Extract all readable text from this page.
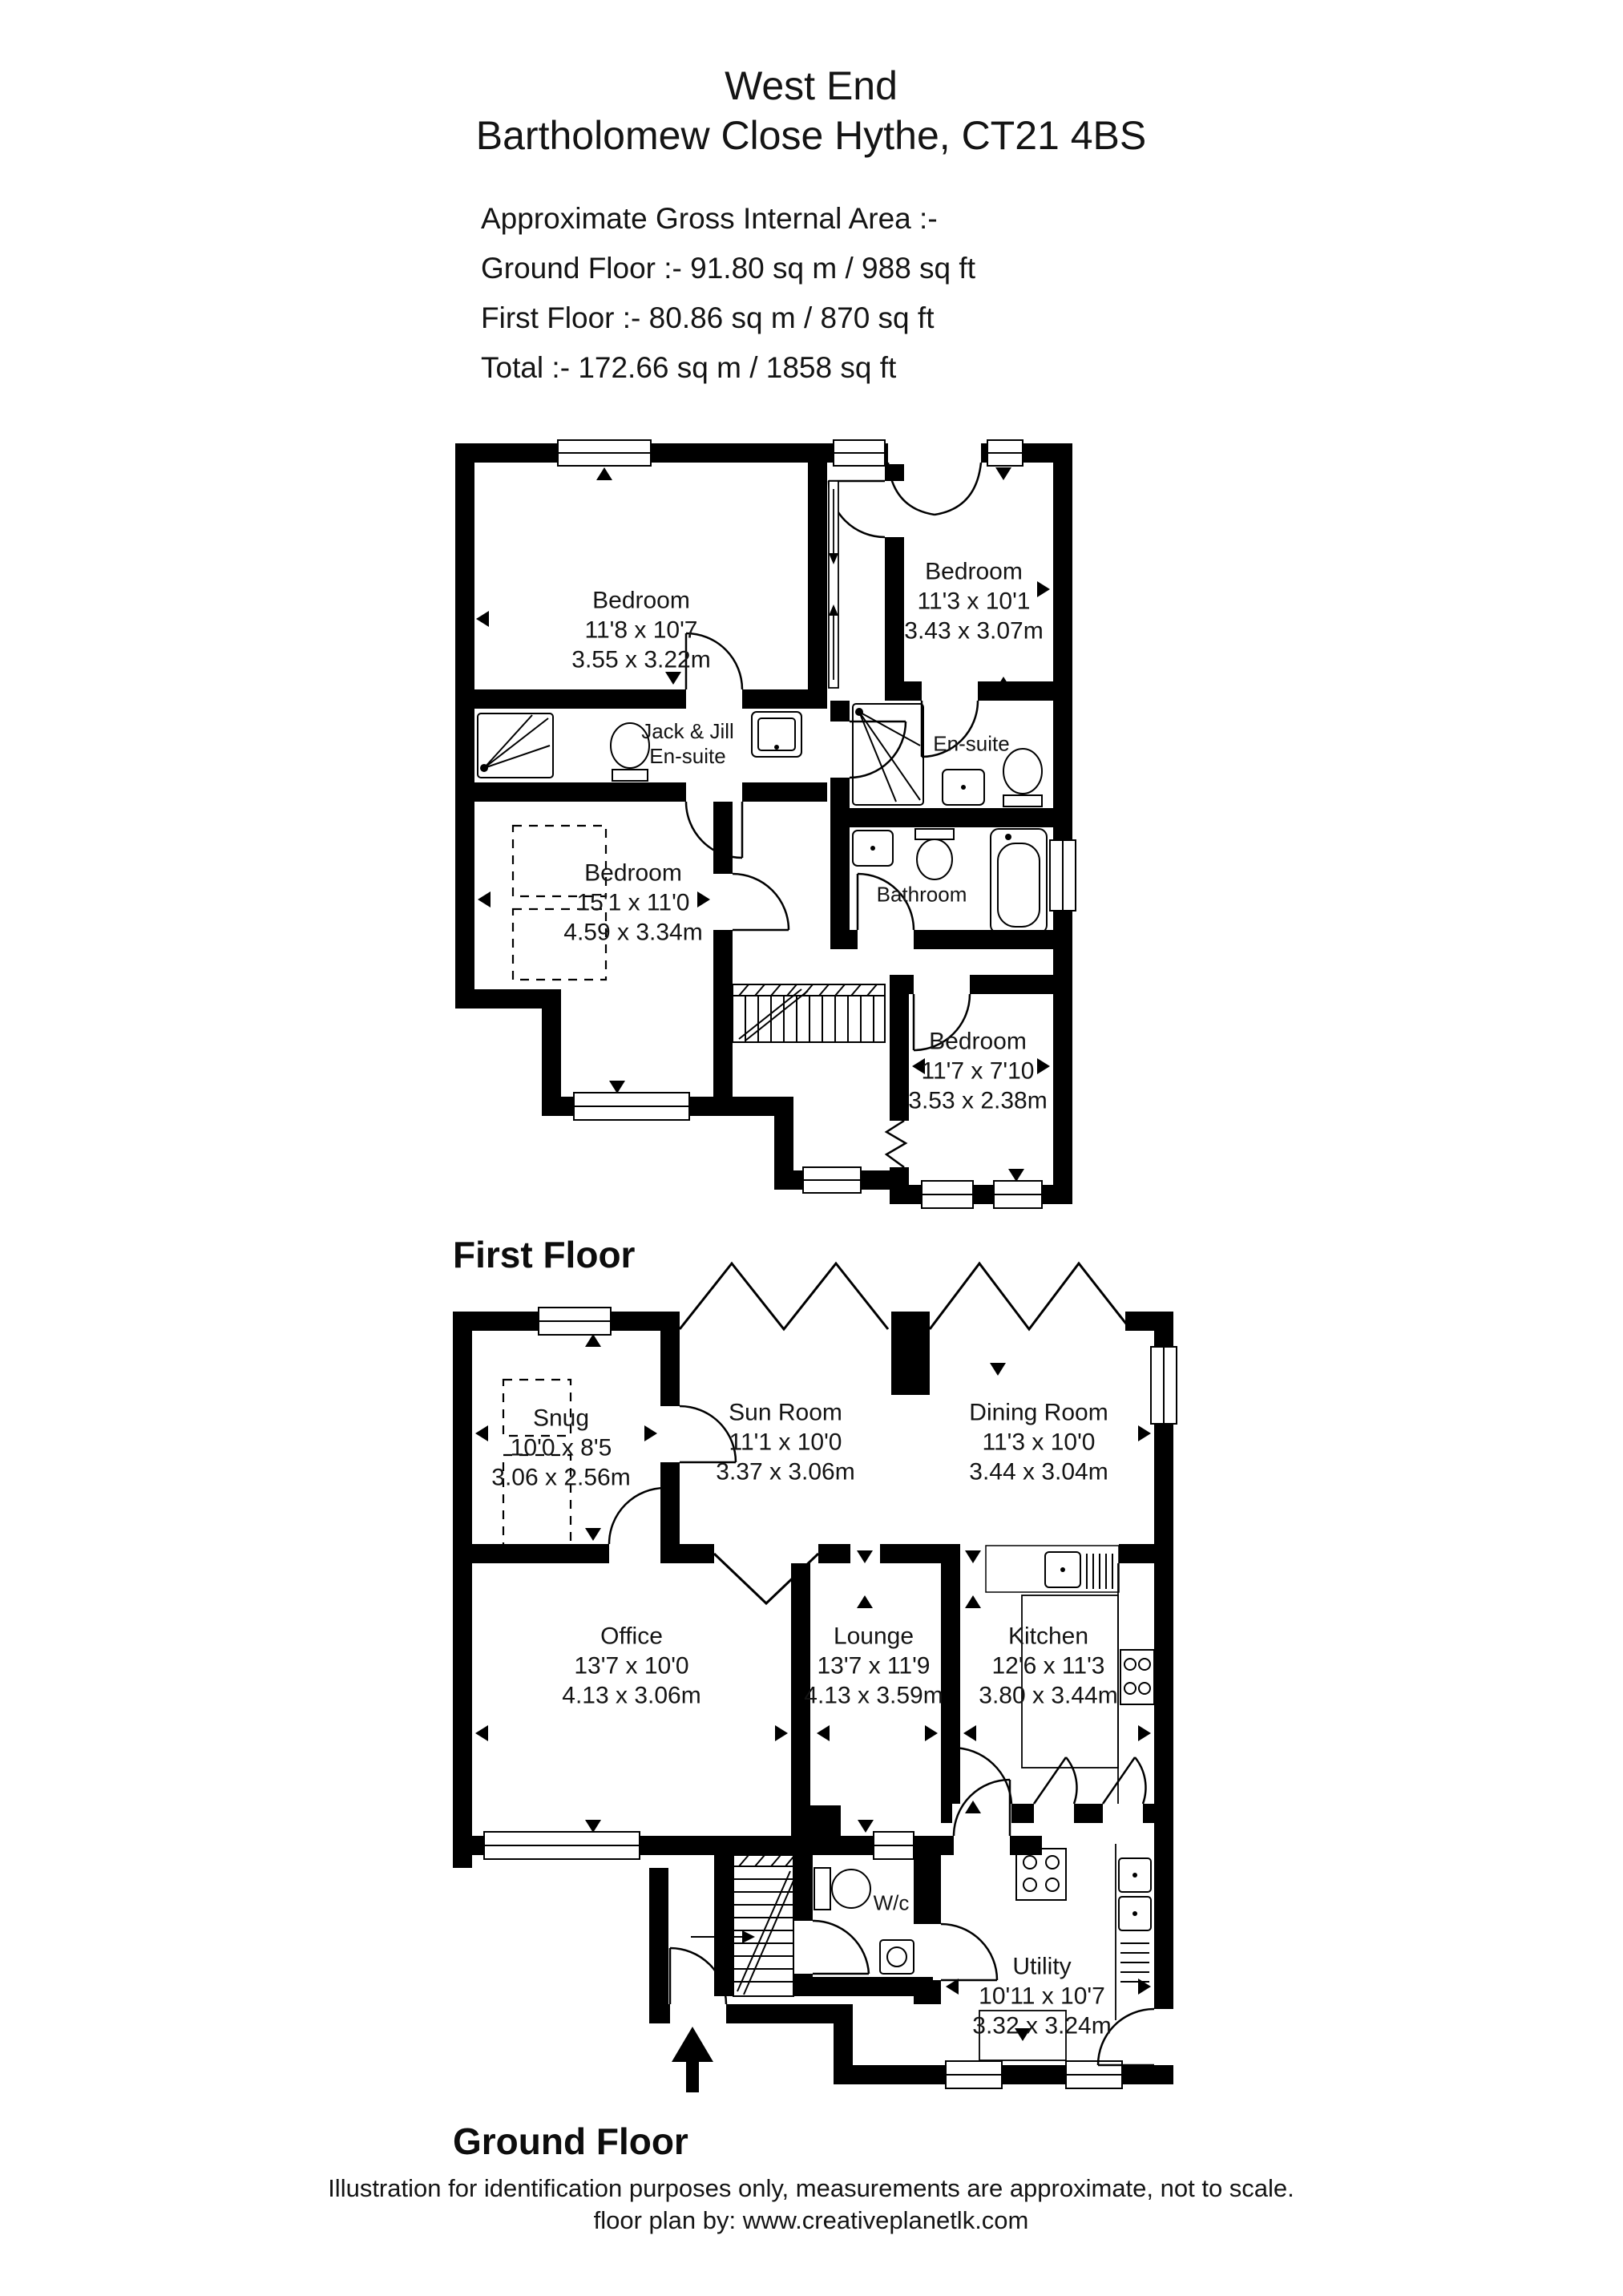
West End
Bartholomew Close Hythe, CT21 4BS
Approximate Gross Internal Area :-
Ground Floor :- 91.80 sq m / 988 sq ft
First Floor :- 80.86 sq m / 870 sq ft
Total :- 172.66 sq m / 1858 sq ft
Bedroom
11'8 x 10'7
3.55 x 3.22m
Bedroom
11'3 x 10'1
3.43 x 3.07m
Jack & Jill
En-suite
Bedroom
15'1 x 11'0
4.59 x 3.34m
En-suite
Bathroom
Bedroom
11'7 x 7'10
3.53 x 2.38m
First Floor
Snug
10'0 x 8'5
3.06 x 2.56m
Sun Room
11'1 x 10'0
3.37 x 3.06m
Dining Room
11'3 x 10'0
3.44 x 3.04m
Office
13'7 x 10'0
4.13 x 3.06m
Lounge
13'7 x 11'9
4.13 x 3.59m
Kitchen
12'6 x 11'3
3.80 x 3.44m
W/c
Utility
10'11 x 10'7
3.32 x 3.24m
Ground Floor
Illustration for identification purposes only, measurements are approximate, not to scale.
floor plan by: www.creativeplanetlk.com
